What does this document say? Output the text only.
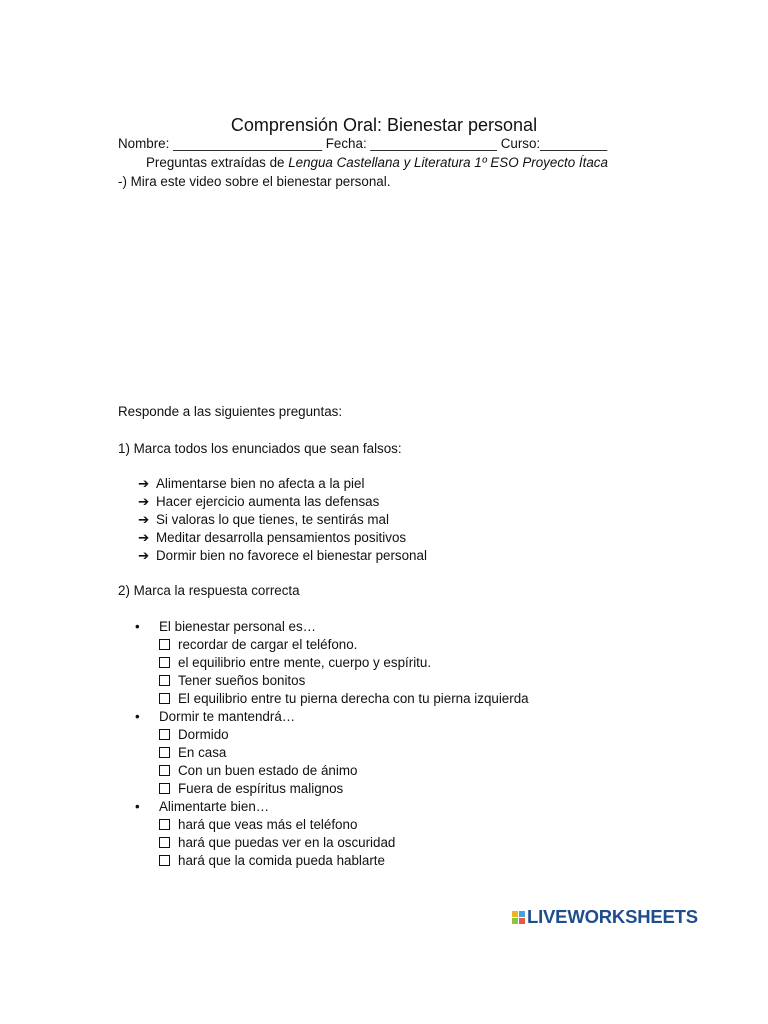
Comprensión Oral: Bienestar personal
Nombre: ____________________ Fecha: _________________ Curso:_________
Preguntas extraídas de Lengua Castellana y Literatura 1º ESO Proyecto Ítaca
-) Mira este video sobre el bienestar personal.
Responde a las siguientes preguntas:
1) Marca todos los enunciados que sean falsos:
➔ Alimentarse bien no afecta a la piel
➔ Hacer ejercicio aumenta las defensas
➔ Si valoras lo que tienes, te sentirás mal
➔ Meditar desarrolla pensamientos positivos
➔ Dormir bien no favorece el bienestar personal
2) Marca la respuesta correcta
• El bienestar personal es…
recordar de cargar el teléfono.
el equilibrio entre mente, cuerpo y espíritu.
Tener sueños bonitos
El equilibrio entre tu pierna derecha con tu pierna izquierda
• Dormir te mantendrá…
Dormido
En casa
Con un buen estado de ánimo
Fuera de espíritus malignos
• Alimentarte bien…
hará que veas más el teléfono
hará que puedas ver en la oscuridad
hará que la comida pueda hablarte
LIVEWORKSHEETS
